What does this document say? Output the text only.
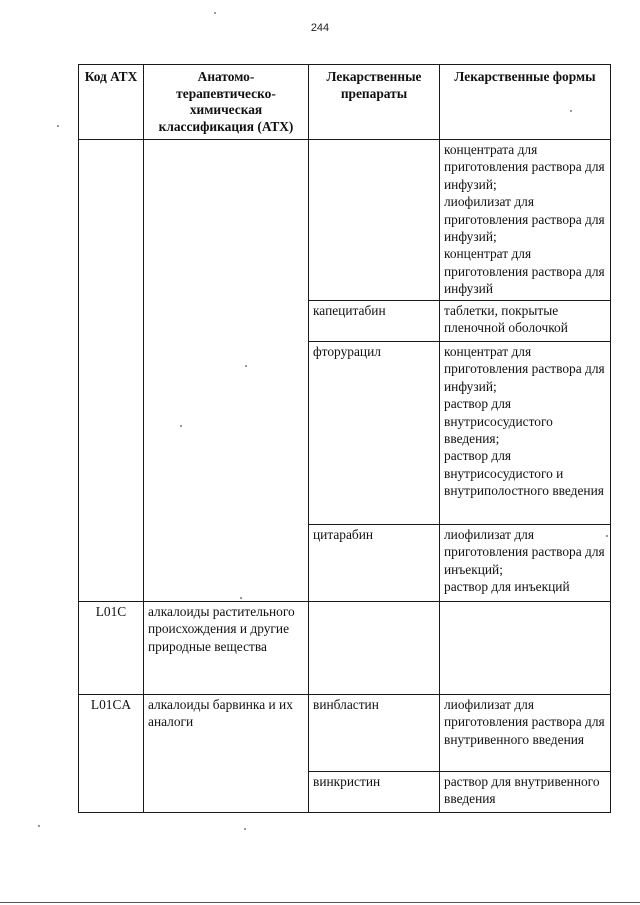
244
Код АТХ	Анатомо-терапевтическо-химическая классификация (АТХ)	Лекарственные препараты	Лекарственные формы

			концентрата для приготовления раствора для инфузий;
лиофилизат для приготовления раствора для инфузий;
концентрат для приготовления раствора для инфузий

		капецитабин	таблетки, покрытые пленочной оболочкой

		фторурацил	концентрат для приготовления раствора для инфузий;
раствор для внутрисосудистого введения;
раствор для внутрисосудистого и внутриполостного введения

		цитарабин	лиофилизат для приготовления раствора для инъекций;
раствор для инъекций

L01C	алкалоиды растительного происхождения и другие природные вещества		
L01CA	алкалоиды барвинка и их аналоги	винбластин	лиофилизат для приготовления раствора для внутривенного введения

		винкристин	раствор для внутривенного введения
